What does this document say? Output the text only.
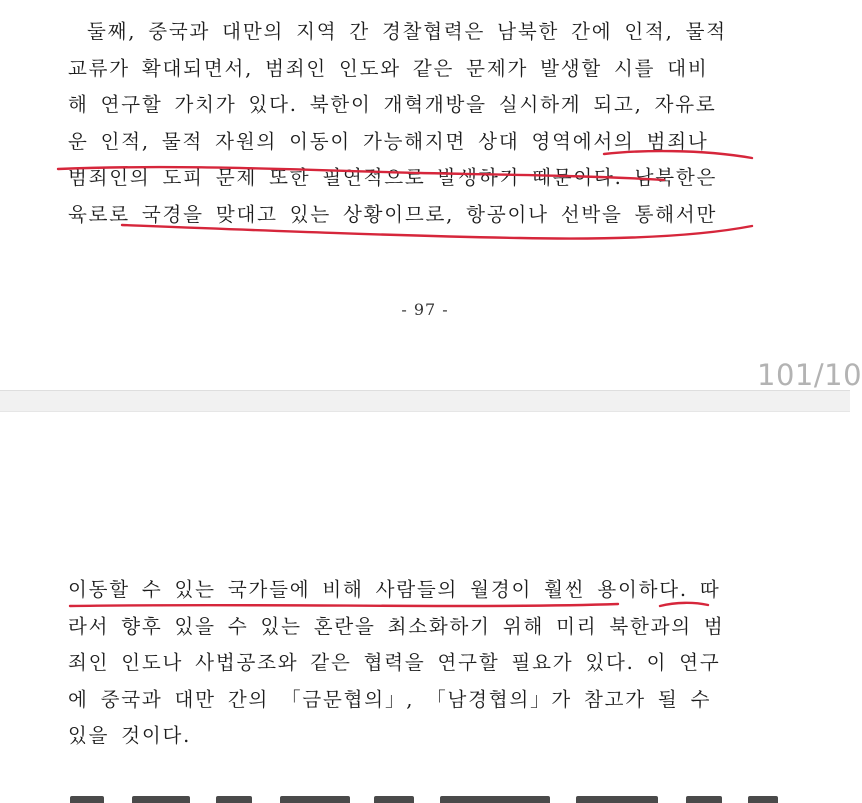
둘째, 중국과 대만의 지역 간 경찰협력은 남북한 간에 인적, 물적
교류가 확대되면서, 범죄인 인도와 같은 문제가 발생할 시를 대비
해 연구할 가치가 있다. 북한이 개혁개방을 실시하게 되고, 자유로
운 인적, 물적 자원의 이동이 가능해지면 상대 영역에서의 범죄나
범죄인의 도피 문제 또한 필연적으로 발생하기 때문이다. 남북한은
육로로 국경을 맞대고 있는 상황이므로, 항공이나 선박을 통해서만

- 97 -

이동할 수 있는 국가들에 비해 사람들의 월경이 훨씬 용이하다. 따
라서 향후 있을 수 있는 혼란을 최소화하기 위해 미리 북한과의 범
죄인 인도나 사법공조와 같은 협력을 연구할 필요가 있다. 이 연구
에 중국과 대만 간의 「금문협의」, 「남경협의」가 참고가 될 수
있을 것이다.

101/10
